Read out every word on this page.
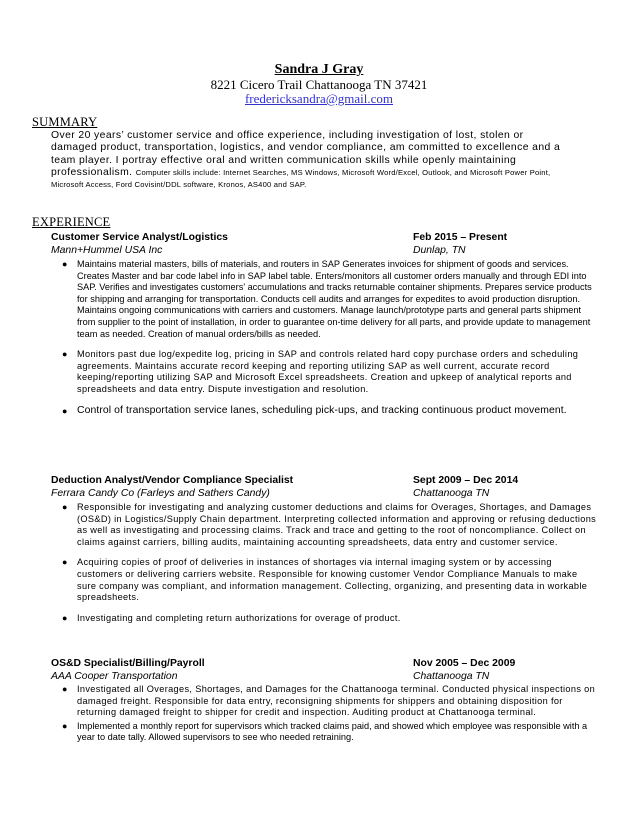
Sandra J Gray
8221 Cicero Trail Chattanooga TN 37421
fredericksandra@gmail.com
SUMMARY
Over 20 years’ customer service and office experience, including investigation of lost, stolen or damaged product, transportation, logistics, and vendor compliance, am committed to excellence and a team player. I portray effective oral and written communication skills while openly maintaining professionalism. Computer skills include: Internet Searches, MS Windows, Microsoft Word/Excel, Outlook, and Microsoft Power Point, Microsoft Access, Ford Covisint/DDL software, Kronos, AS400 and SAP.
EXPERIENCE
Customer Service Analyst/Logistics	Feb 2015 – Present
Mann+Hummel USA Inc	Dunlap, TN
● Maintains material masters, bills of materials, and routers in SAP Generates invoices for shipment of goods and services. Creates Master and bar code label info in SAP label table. Enters/monitors all customer orders manually and through EDI into SAP. Verifies and investigates customers’ accumulations and tracks returnable container shipments. Prepares service products for shipping and arranging for transportation. Conducts cell audits and arranges for expedites to avoid production disruption. Maintains ongoing communications with carriers and customers. Manage launch/prototype parts and general parts shipment from supplier to the point of installation, in order to guarantee on-time delivery for all parts, and provide update to management team as needed. Creation of manual orders/bills as needed.
● Monitors past due log/expedite log, pricing in SAP and controls related hard copy purchase orders and scheduling agreements. Maintains accurate record keeping and reporting utilizing SAP as well current, accurate record keeping/reporting utilizing SAP and Microsoft Excel spreadsheets. Creation and upkeep of analytical reports and spreadsheets and data entry. Dispute investigation and resolution.
● Control of transportation service lanes, scheduling pick-ups, and tracking continuous product movement.
Deduction Analyst/Vendor Compliance Specialist	Sept 2009 – Dec 2014
Ferrara Candy Co (Farleys and Sathers Candy)	Chattanooga TN
● Responsible for investigating and analyzing customer deductions and claims for Overages, Shortages, and Damages (OS&D) in Logistics/Supply Chain department. Interpreting collected information and approving or refusing deductions as well as investigating and processing claims. Track and trace and getting to the root of noncompliance. Collect on claims against carriers, billing audits, maintaining accounting spreadsheets, data entry and customer service.
● Acquiring copies of proof of deliveries in instances of shortages via internal imaging system or by accessing customers or delivering carriers website. Responsible for knowing customer Vendor Compliance Manuals to make sure company was compliant, and information management. Collecting, organizing, and presenting data in workable spreadsheets.
● Investigating and completing return authorizations for overage of product.
OS&D Specialist/Billing/Payroll	Nov 2005 – Dec 2009
AAA Cooper Transportation	Chattanooga TN
● Investigated all Overages, Shortages, and Damages for the Chattanooga terminal. Conducted physical inspections on damaged freight. Responsible for data entry, reconsigning shipments for shippers and obtaining disposition for returning damaged freight to shipper for credit and inspection. Auditing product at Chattanooga terminal.
● Implemented a monthly report for supervisors which tracked claims paid, and showed which employee was responsible with a year to date tally. Allowed supervisors to see who needed retraining.
